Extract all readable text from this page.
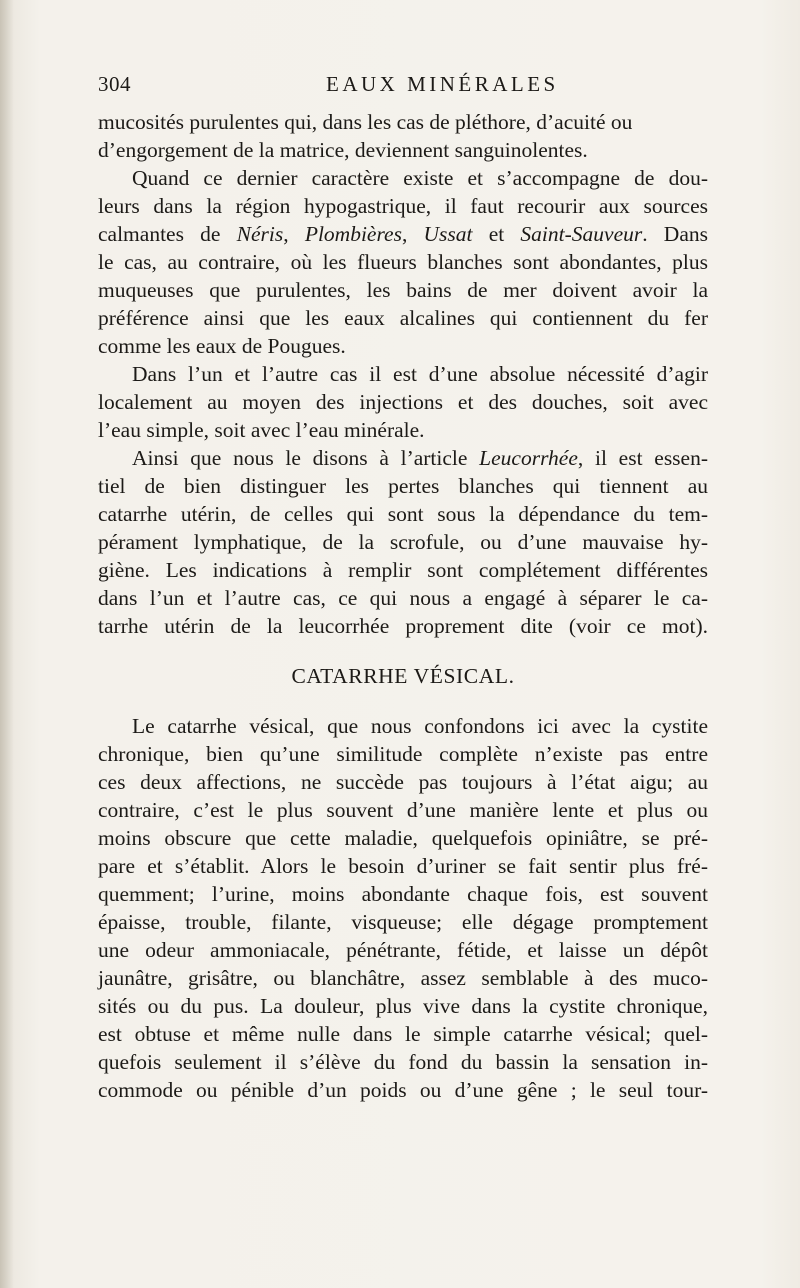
304	EAUX MINÉRALES
mucosités purulentes qui, dans les cas de pléthore, d’acuité ou
d’engorgement de la matrice, deviennent sanguinolentes.
Quand ce dernier caractère existe et s’accompagne de dou-
leurs dans la région hypogastrique, il faut recourir aux sources
calmantes de Néris, Plombières, Ussat et Saint-Sauveur. Dans
le cas, au contraire, où les flueurs blanches sont abondantes, plus
muqueuses que purulentes, les bains de mer doivent avoir la
préférence ainsi que les eaux alcalines qui contiennent du fer
comme les eaux de Pougues.
Dans l’un et l’autre cas il est d’une absolue nécessité d’agir
localement au moyen des injections et des douches, soit avec
l’eau simple, soit avec l’eau minérale.
Ainsi que nous le disons à l’article Leucorrhée, il est essen-
tiel de bien distinguer les pertes blanches qui tiennent au
catarrhe utérin, de celles qui sont sous la dépendance du tem-
pérament lymphatique, de la scrofule, ou d’une mauvaise hy-
giène. Les indications à remplir sont complétement différentes
dans l’un et l’autre cas, ce qui nous a engagé à séparer le ca-
tarrhe utérin de la leucorrhée proprement dite (voir ce mot).
CATARRHE VÉSICAL.
Le catarrhe vésical, que nous confondons ici avec la cystite
chronique, bien qu’une similitude complète n’existe pas entre
ces deux affections, ne succède pas toujours à l’état aigu; au
contraire, c’est le plus souvent d’une manière lente et plus ou
moins obscure que cette maladie, quelquefois opiniâtre, se pré-
pare et s’établit. Alors le besoin d’uriner se fait sentir plus fré-
quemment; l’urine, moins abondante chaque fois, est souvent
épaisse, trouble, filante, visqueuse; elle dégage promptement
une odeur ammoniacale, pénétrante, fétide, et laisse un dépôt
jaunâtre, grisâtre, ou blanchâtre, assez semblable à des muco-
sités ou du pus. La douleur, plus vive dans la cystite chronique,
est obtuse et même nulle dans le simple catarrhe vésical; quel-
quefois seulement il s’élève du fond du bassin la sensation in-
commode ou pénible d’un poids ou d’une gêne ; le seul tour-
